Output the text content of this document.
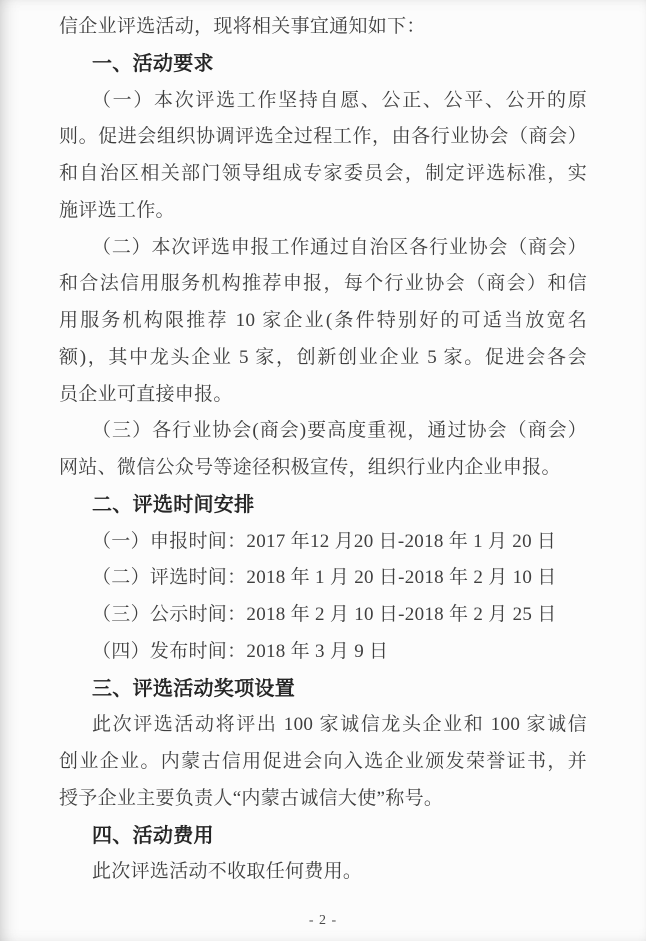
信企业评选活动，现将相关事宜通知如下：
一、活动要求
（一）本次评选工作坚持自愿、公正、公平、公开的原
则。促进会组织协调评选全过程工作，由各行业协会（商会）
和自治区相关部门领导组成专家委员会，制定评选标准，实
施评选工作。
（二）本次评选申报工作通过自治区各行业协会（商会）
和合法信用服务机构推荐申报，每个行业协会（商会）和信
用服务机构限推荐 10 家企业(条件特别好的可适当放宽名
额)，其中龙头企业 5 家，创新创业企业 5 家。促进会各会
员企业可直接申报。
（三）各行业协会(商会)要高度重视，通过协会（商会）
网站、微信公众号等途径积极宣传，组织行业内企业申报。
二、评选时间安排
（一）申报时间：2017 年12 月20 日-2018 年 1 月 20 日
（二）评选时间：2018 年 1 月 20 日-2018 年 2 月 10 日
（三）公示时间：2018 年 2 月 10 日-2018 年 2 月 25 日
（四）发布时间：2018 年 3 月 9 日
三、评选活动奖项设置
此次评选活动将评出 100 家诚信龙头企业和 100 家诚信
创业企业。内蒙古信用促进会向入选企业颁发荣誉证书，并
授予企业主要负责人“内蒙古诚信大使”称号。
四、活动费用
此次评选活动不收取任何费用。
- 2 -
